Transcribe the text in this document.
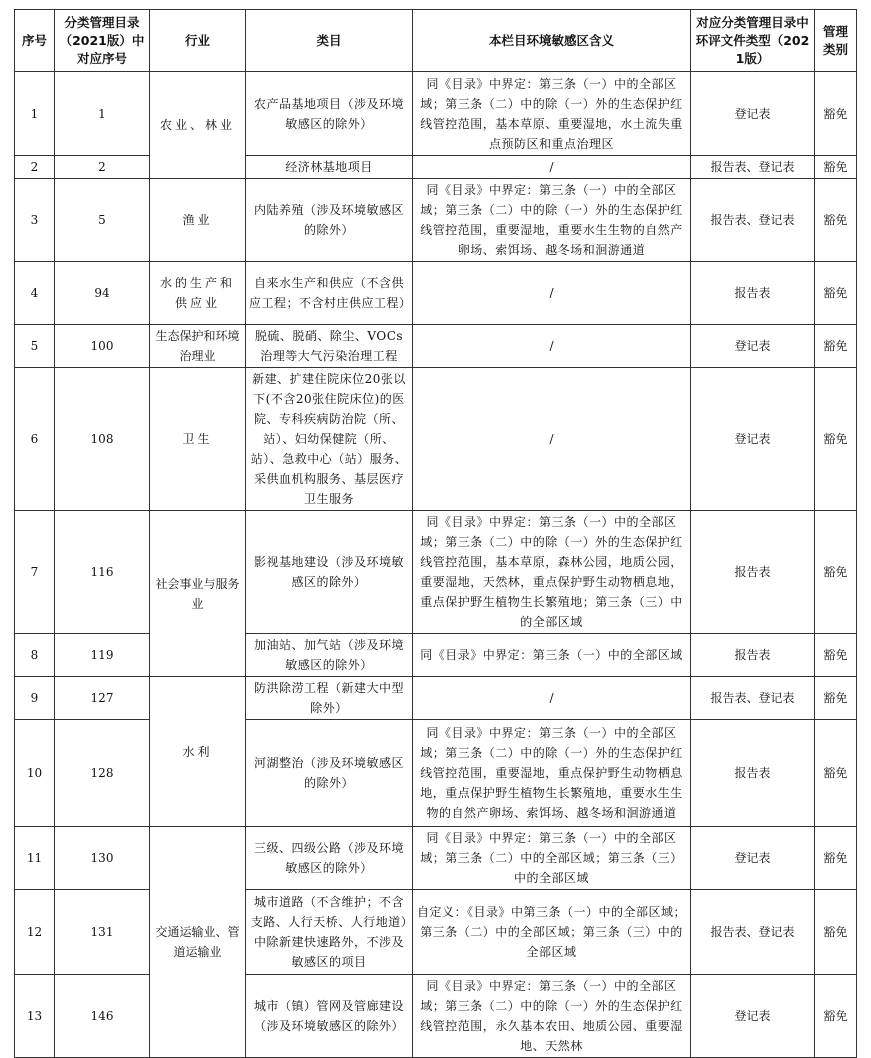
序号	分类管理目录（2021版）中对应序号	行业	类目	本栏目环境敏感区含义	对应分类管理目录中环评文件类型（2021版）	管理类别
1	1	农业、林业	农产品基地项目（涉及环境敏感区的除外）	同《目录》中界定：第三条（一）中的全部区域；第三条（二）中的除（一）外的生态保护红线管控范围，基本草原、重要湿地，水土流失重点预防区和重点治理区	登记表	豁免
2	2		经济林基地项目	/	报告表、登记表	豁免
3	5	渔业	内陆养殖（涉及环境敏感区的除外）	同《目录》中界定：第三条（一）中的全部区域；第三条（二）中的除（一）外的生态保护红线管控范围，重要湿地，重要水生生物的自然产卵场、索饵场、越冬场和洄游通道	报告表、登记表	豁免
4	94	水的生产和供应业	自来水生产和供应（不含供应工程；不含村庄供应工程）	/	报告表	豁免
5	100	生态保护和环境治理业	脱硫、脱硝、除尘、VOCs治理等大气污染治理工程	/	登记表	豁免
6	108	卫生	新建、扩建住院床位20张以下(不含20张住院床位)的医院、专科疾病防治院（所、站）、妇幼保健院（所、站）、急救中心（站）服务、采供血机构服务、基层医疗卫生服务	/	登记表	豁免
7	116	社会事业与服务业	影视基地建设（涉及环境敏感区的除外）	同《目录》中界定：第三条（一）中的全部区域；第三条（二）中的除（一）外的生态保护红线管控范围，基本草原，森林公园，地质公园，重要湿地，天然林，重点保护野生动物栖息地，重点保护野生植物生长繁殖地；第三条（三）中的全部区域	报告表	豁免
8	119		加油站、加气站（涉及环境敏感区的除外）	同《目录》中界定：第三条（一）中的全部区域	报告表	豁免
9	127	水利	防洪除涝工程（新建大中型除外）	/	报告表、登记表	豁免
10	128		河湖整治（涉及环境敏感区的除外）	同《目录》中界定：第三条（一）中的全部区域；第三条（二）中的除（一）外的生态保护红线管控范围，重要湿地，重点保护野生动物栖息地，重点保护野生植物生长繁殖地，重要水生生物的自然产卵场、索饵场、越冬场和洄游通道	报告表	豁免
11	130	交通运输业、管道运输业	三级、四级公路（涉及环境敏感区的除外）	同《目录》中界定：第三条（一）中的全部区域；第三条（二）中的全部区域；第三条（三）中的全部区域	登记表	豁免
12	131		城市道路（不含维护；不含支路、人行天桥、人行地道）中除新建快速路外，不涉及敏感区的项目	自定义：《目录》中第三条（一）中的全部区域；第三条（二）中的全部区域；第三条（三）中的全部区域	报告表、登记表	豁免
13	146		城市（镇）管网及管廊建设（涉及环境敏感区的除外）	同《目录》中界定：第三条（一）中的全部区域；第三条（二）中的除（一）外的生态保护红线管控范围，永久基本农田、地质公园、重要湿地、天然林	登记表	豁免
